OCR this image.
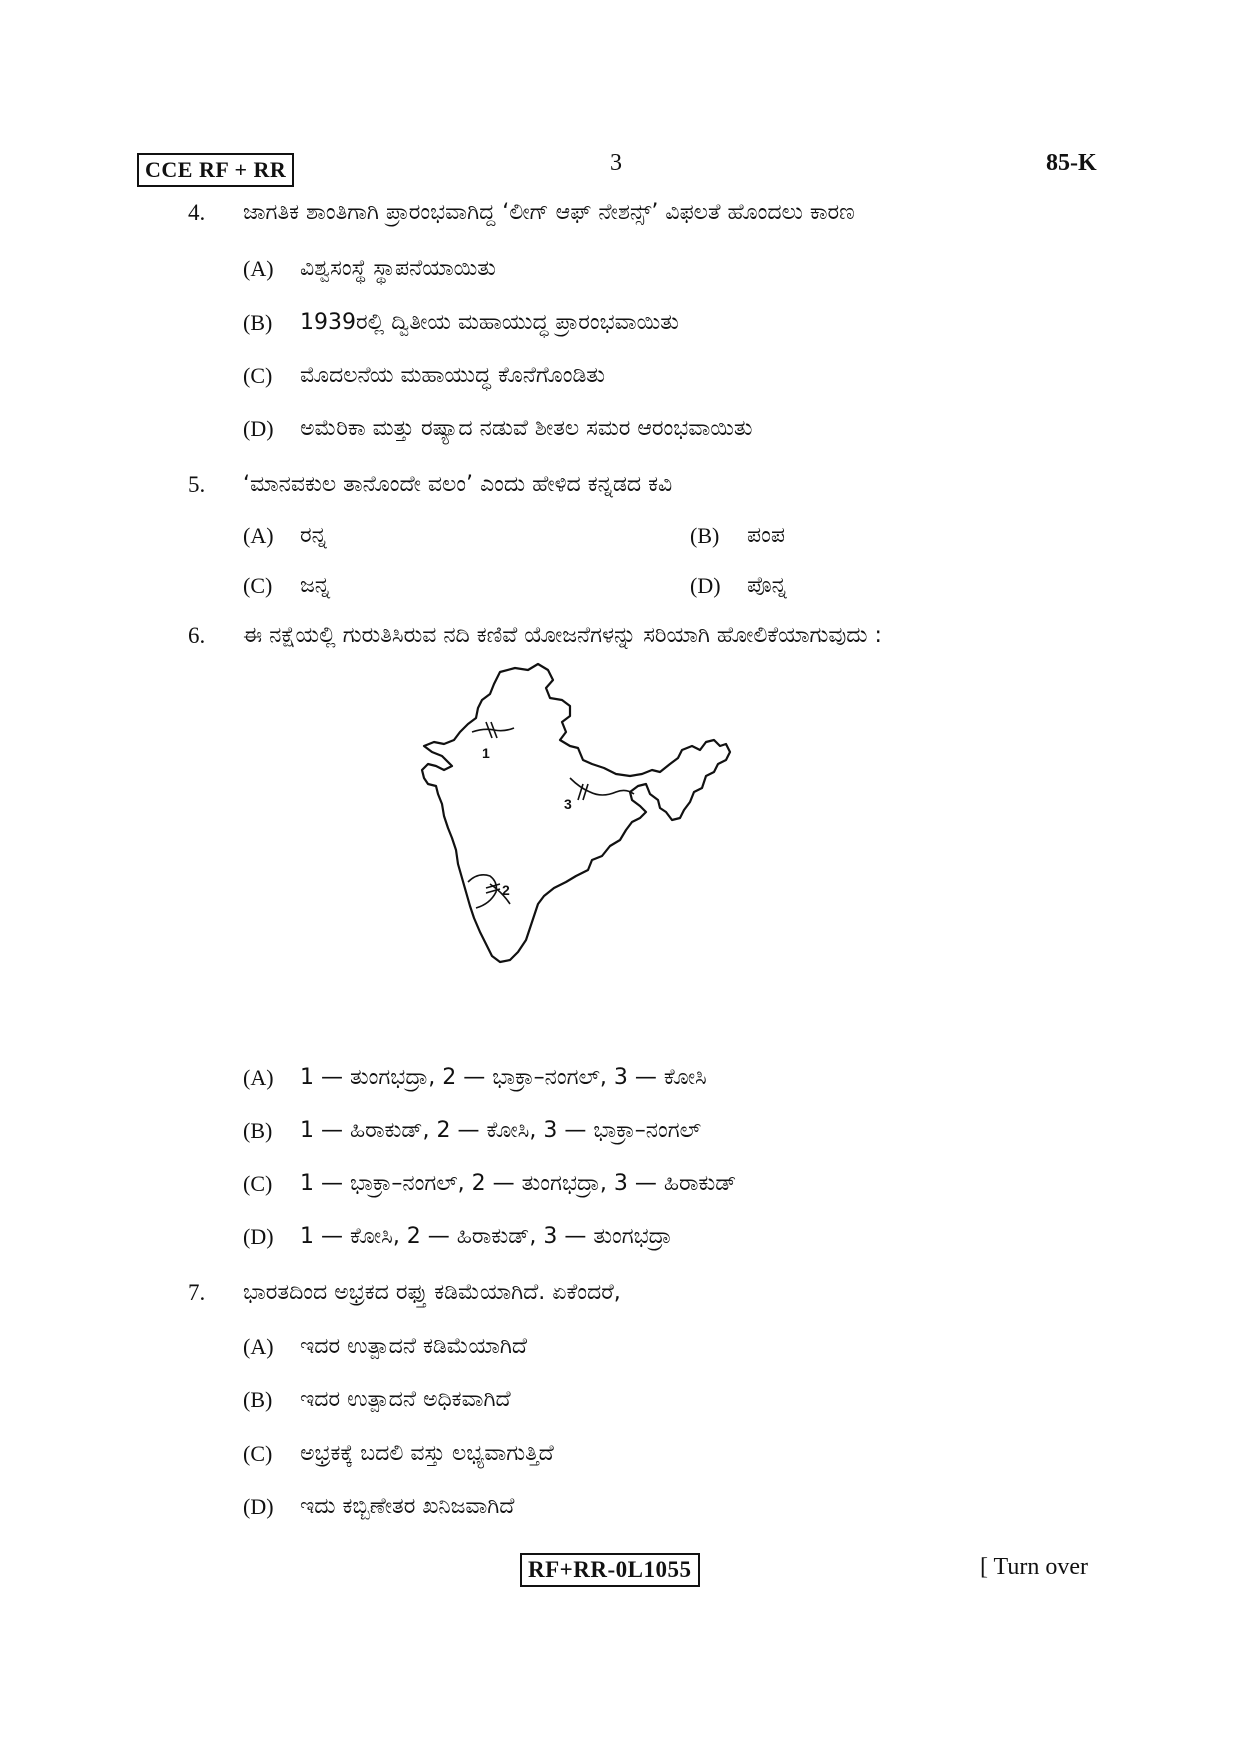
CCE RF + RR	3	85-K
4. ಜಾಗತಿಕ ಶಾಂತಿಗಾಗಿ ಪ್ರಾರಂಭವಾಗಿದ್ದ ‘ಲೀಗ್ ಆಫ್ ನೇಶನ್ಸ್’ ವಿಫಲತೆ ಹೊಂದಲು ಕಾರಣ
(A) ವಿಶ್ವಸಂಸ್ಥೆ ಸ್ಥಾಪನೆಯಾಯಿತು
(B) 1939ರಲ್ಲಿ ದ್ವಿತೀಯ ಮಹಾಯುದ್ಧ ಪ್ರಾರಂಭವಾಯಿತು
(C) ಮೊದಲನೆಯ ಮಹಾಯುದ್ಧ ಕೊನೆಗೊಂಡಿತು
(D) ಅಮೆರಿಕಾ ಮತ್ತು ರಷ್ಯಾದ ನಡುವೆ ಶೀತಲ ಸಮರ ಆರಂಭವಾಯಿತು
5. ‘ಮಾನವಕುಲ ತಾನೊಂದೇ ವಲಂ’ ಎಂದು ಹೇಳಿದ ಕನ್ನಡದ ಕವಿ
(A) ರನ್ನ	(B) ಪಂಪ
(C) ಜನ್ನ	(D) ಪೊನ್ನ
6. ಈ ನಕ್ಷೆಯಲ್ಲಿ ಗುರುತಿಸಿರುವ ನದಿ ಕಣಿವೆ ಯೋಜನೆಗಳನ್ನು ಸರಿಯಾಗಿ ಹೋಲಿಕೆಯಾಗುವುದು :
1
3
2
(A) 1 — ತುಂಗಭದ್ರಾ, 2 — ಭಾಕ್ರಾ–ನಂಗಲ್, 3 — ಕೋಸಿ
(B) 1 — ಹಿರಾಕುಡ್, 2 — ಕೋಸಿ, 3 — ಭಾಕ್ರಾ–ನಂಗಲ್
(C) 1 — ಭಾಕ್ರಾ–ನಂಗಲ್, 2 — ತುಂಗಭದ್ರಾ, 3 — ಹಿರಾಕುಡ್
(D) 1 — ಕೋಸಿ, 2 — ಹಿರಾಕುಡ್, 3 — ತುಂಗಭದ್ರಾ
7. ಭಾರತದಿಂದ ಅಭ್ರಕದ ರಫ್ತು ಕಡಿಮೆಯಾಗಿದೆ. ಏಕೆಂದರೆ,
(A) ಇದರ ಉತ್ಪಾದನೆ ಕಡಿಮೆಯಾಗಿದೆ
(B) ಇದರ ಉತ್ಪಾದನೆ ಅಧಿಕವಾಗಿದೆ
(C) ಅಭ್ರಕಕ್ಕೆ ಬದಲಿ ವಸ್ತು ಲಭ್ಯವಾಗುತ್ತಿದೆ
(D) ಇದು ಕಬ್ಬಿಣೇತರ ಖನಿಜವಾಗಿದೆ
RF+RR-0L1055	[ Turn over
